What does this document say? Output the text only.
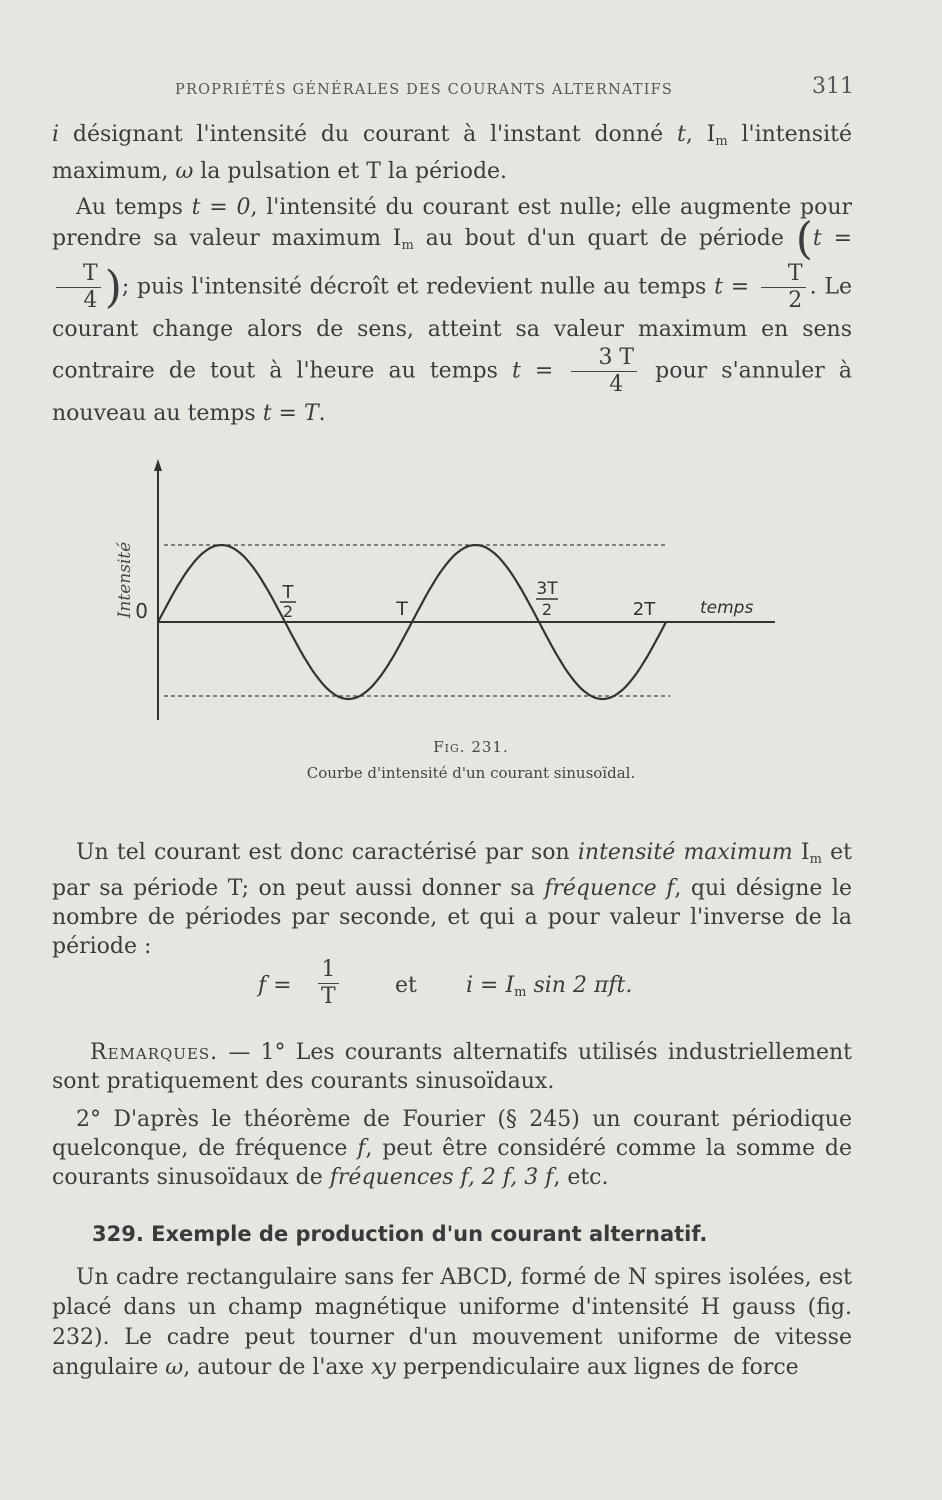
PROPRIÉTÉS GÉNÉRALES DES COURANTS ALTERNATIFS	311

i désignant l'intensité du courant à l'instant donné t, $I_m$ l'intensité maximum, ω la pulsation et T la période.

Au temps t = 0, l'intensité du courant est nulle; elle augmente pour prendre sa valeur maximum $I_m$ au bout d'un quart de période (t =
$\frac{T}{4}$ ); puis l'intensité décroît et redevient nulle au temps $t = \frac{T}{2}$ . Le courant change alors de sens, atteint sa valeur maximum en sens contraire de tout à l'heure au temps $t = \frac{3 T}{4}$ pour s'annuler à nouveau au temps t = T.

Intensité 0
T
2	T
3T
2	2T	temps
Fig. 231.
Courbe d'intensité d'un courant sinusoïdal.

Un tel courant est donc caractérisé par son intensité maximum $I_m$ et par sa période T; on peut aussi donner sa fréquence f, qui désigne le nombre de périodes par seconde, et qui a pour valeur l'inverse de la période :

$f = \frac{1}{T}$	et $i = I_m$ sin 2 πft.

Remarques. — 1° Les courants alternatifs utilisés industriellement sont pratiquement des courants sinusoïdaux.

2° D'après le théorème de Fourier (§ 245) un courant périodique quelconque, de fréquence f, peut être considéré comme la somme de courants sinusoïdaux de fréquences f, 2 f, 3 f, etc.

329. Exemple de production d'un courant alternatif.

Un cadre rectangulaire sans fer ABCD, formé de N spires isolées, est placé dans un champ magnétique uniforme d'intensité H gauss (fig. 232). Le cadre peut tourner d'un mouvement uniforme de vitesse angulaire ω, autour de l'axe xy perpendiculaire aux lignes de force
